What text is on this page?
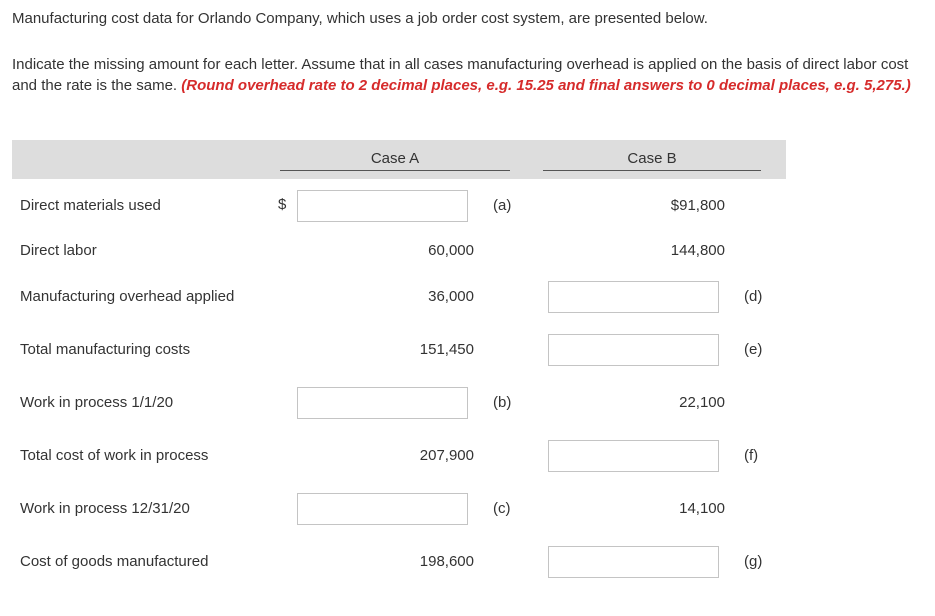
Manufacturing cost data for Orlando Company, which uses a job order cost system, are presented below.
Indicate the missing amount for each letter. Assume that in all cases manufacturing overhead is applied on the basis of direct labor cost and the rate is the same. (Round overhead rate to 2 decimal places, e.g. 15.25 and final answers to 0 decimal places, e.g. 5,275.)
Case A	Case B
$
Direct materials used	(a)	$91,800
Direct labor	60,000	144,800
Manufacturing overhead applied	36,000	(d)
Total manufacturing costs	151,450	(e)
Work in process 1/1/20	(b)	22,100
Total cost of work in process	207,900	(f)
Work in process 12/31/20	(c)	14,100
Cost of goods manufactured	198,600	(g)
